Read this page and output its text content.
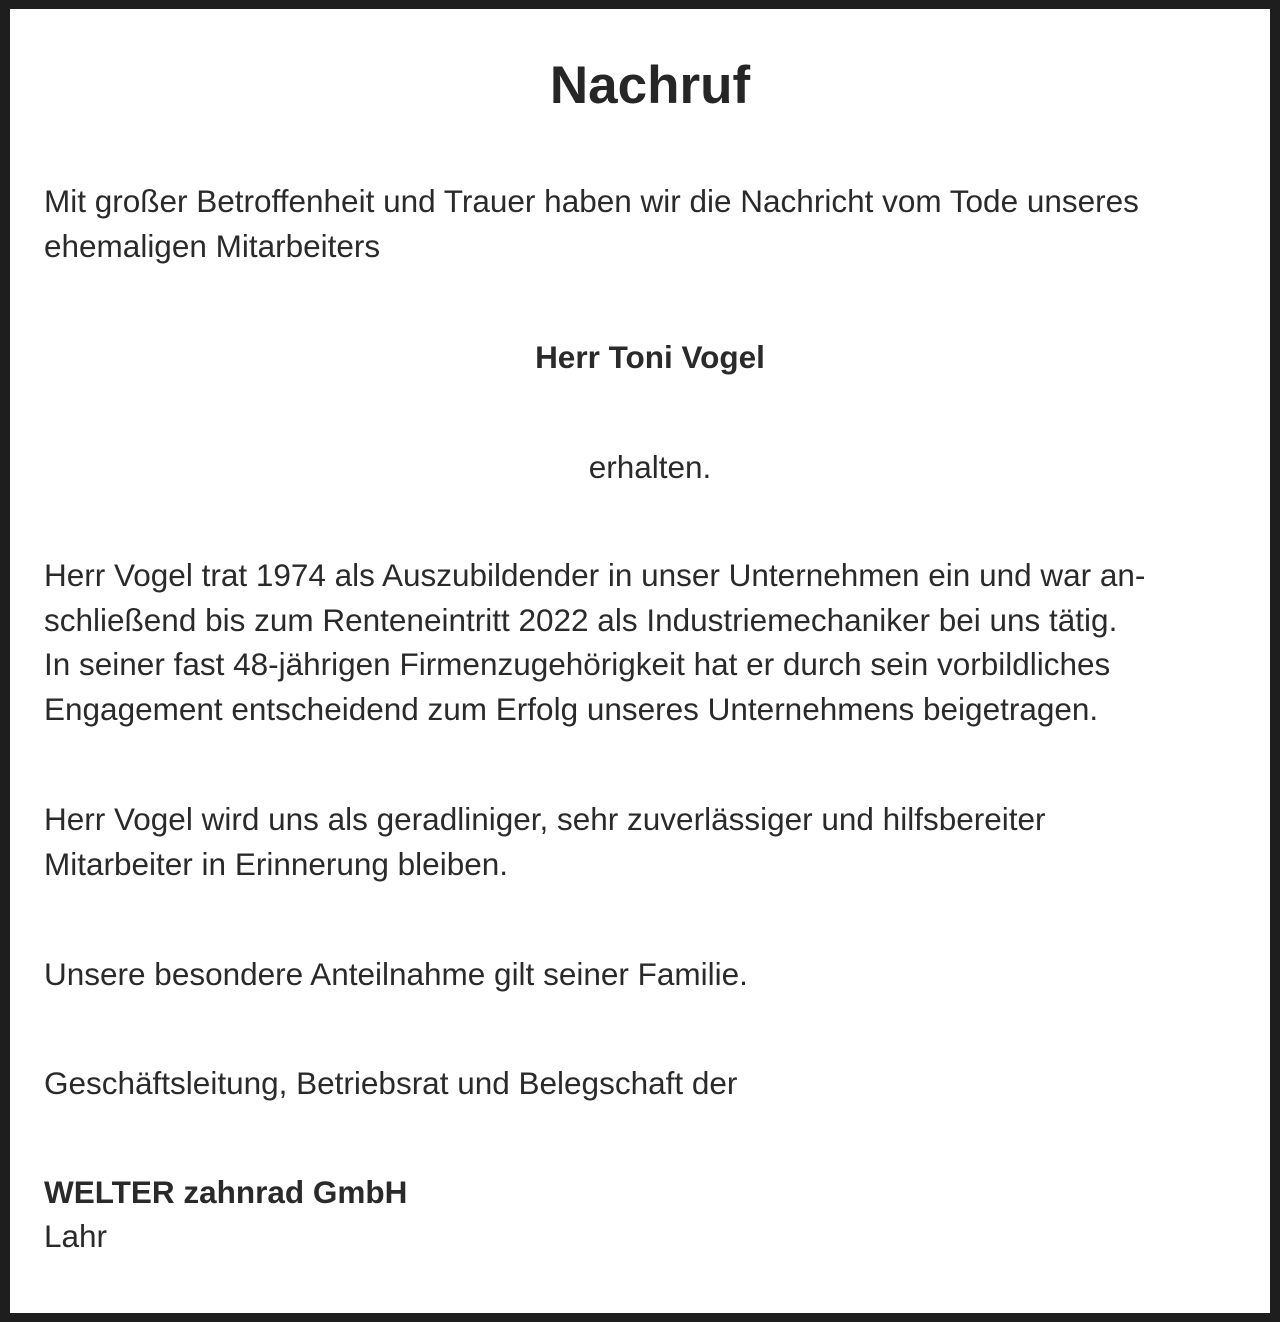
Nachruf

Mit großer Betroffenheit und Trauer haben wir die Nachricht vom Tode unseres
ehemaligen Mitarbeiters

Herr Toni Vogel

erhalten.

Herr Vogel trat 1974 als Auszubildender in unser Unternehmen ein und war an-
schließend bis zum Renteneintritt 2022 als Industriemechaniker bei uns tätig.
In seiner fast 48-jährigen Firmenzugehörigkeit hat er durch sein vorbildliches
Engagement entscheidend zum Erfolg unseres Unternehmens beigetragen.

Herr Vogel wird uns als geradliniger, sehr zuverlässiger und hilfsbereiter
Mitarbeiter in Erinnerung bleiben.

Unsere besondere Anteilnahme gilt seiner Familie.

Geschäftsleitung, Betriebsrat und Belegschaft der

WELTER zahnrad GmbH

Lahr
